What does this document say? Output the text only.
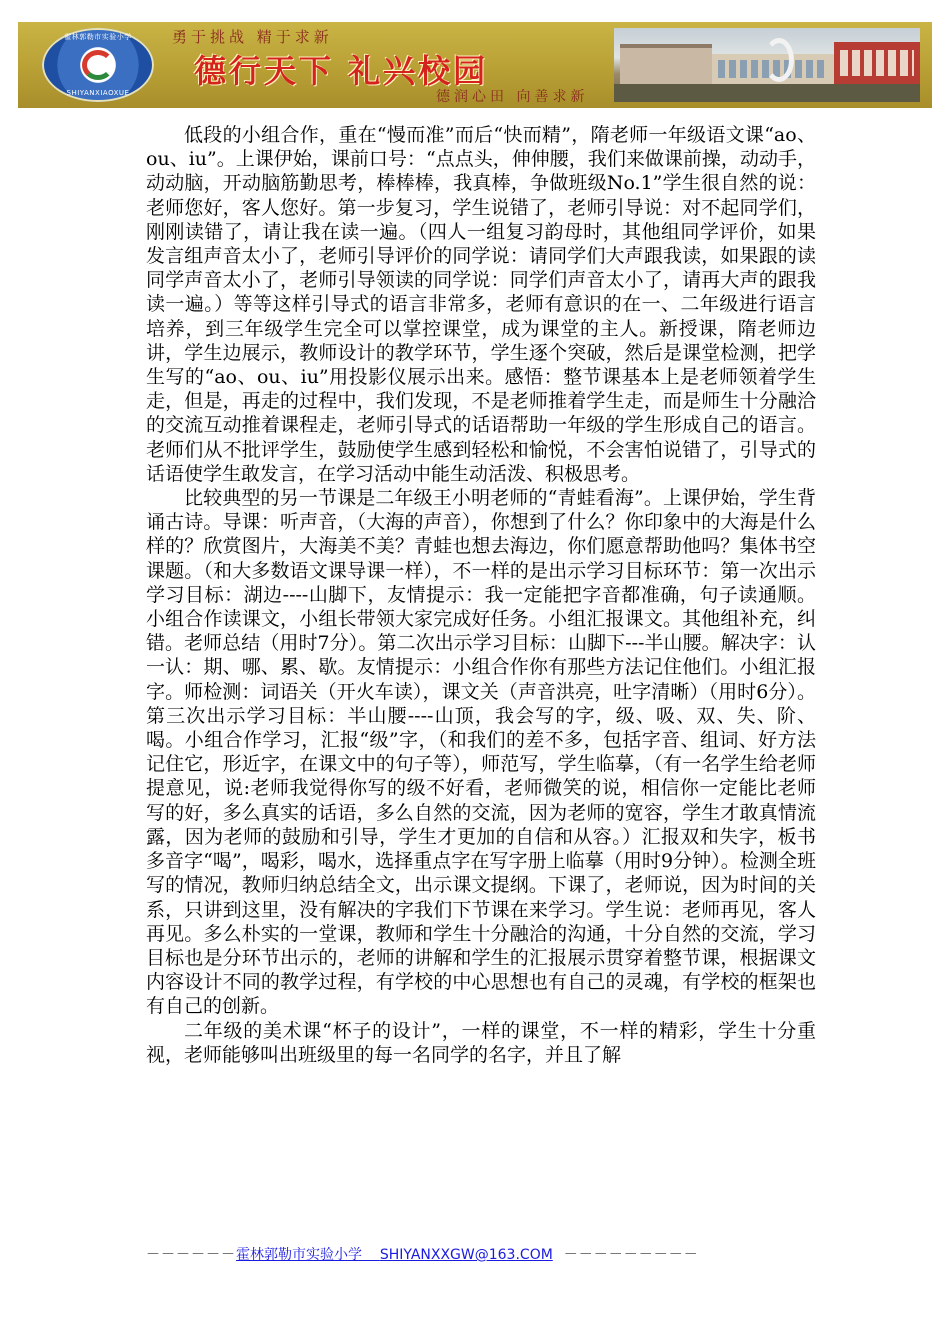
霍林郭勒市实验小学
SHIYANXIAOXUE
勇于挑战 精于求新
德行天下 礼兴校园
德润心田 向善求新

低段的小组合作，重在“慢而准”而后“快而精”，隋老师一年级语文课“ao、ou、iu”。上课伊始，课前口号：“点点头，伸伸腰，我们来做课前操，动动手，动动脑，开动脑筋勤思考，棒棒棒，我真棒，争做班级No.1”学生很自然的说：老师您好，客人您好。第一步复习，学生说错了，老师引导说：对不起同学们，刚刚读错了，请让我在读一遍。（四人一组复习韵母时，其他组同学评价，如果发言组声音太小了，老师引导评价的同学说：请同学们大声跟我读，如果跟的读同学声音太小了，老师引导领读的同学说：同学们声音太小了，请再大声的跟我读一遍。）等等这样引导式的语言非常多，老师有意识的在一、二年级进行语言培养，到三年级学生完全可以掌控课堂，成为课堂的主人。新授课，隋老师边讲，学生边展示，教师设计的教学环节，学生逐个突破，然后是课堂检测，把学生写的“ao、ou、iu”用投影仪展示出来。感悟：整节课基本上是老师领着学生走，但是，再走的过程中，我们发现，不是老师推着学生走，而是师生十分融洽的交流互动推着课程走，老师引导式的话语帮助一年级的学生形成自己的语言。老师们从不批评学生，鼓励使学生感到轻松和愉悦，不会害怕说错了，引导式的话语使学生敢发言，在学习活动中能生动活泼、积极思考。

比较典型的另一节课是二年级王小明老师的“青蛙看海”。上课伊始，学生背诵古诗。导课：听声音，（大海的声音），你想到了什么？你印象中的大海是什么样的？欣赏图片，大海美不美？青蛙也想去海边，你们愿意帮助他吗？集体书空课题。（和大多数语文课导课一样），不一样的是出示学习目标环节：第一次出示学习目标：湖边----山脚下，友情提示：我一定能把字音都准确，句子读通顺。小组合作读课文，小组长带领大家完成好任务。小组汇报课文。其他组补充，纠错。老师总结（用时7分）。第二次出示学习目标：山脚下---半山腰。解决字：认一认：期、哪、累、歇。友情提示：小组合作你有那些方法记住他们。小组汇报字。师检测：词语关（开火车读），课文关（声音洪亮，吐字清晰）（用时6分）。第三次出示学习目标：半山腰----山顶，我会写的字，级、吸、双、失、阶、喝。小组合作学习，汇报“级”字，（和我们的差不多，包括字音、组词、好方法记住它，形近字，在课文中的句子等），师范写，学生临摹，（有一名学生给老师提意见，说:老师我觉得你写的级不好看，老师微笑的说，相信你一定能比老师写的好，多么真实的话语，多么自然的交流，因为老师的宽容，学生才敢真情流露，因为老师的鼓励和引导，学生才更加的自信和从容。）汇报双和失字，板书多音字“喝”，喝彩，喝水，选择重点字在写字册上临摹（用时9分钟）。检测全班写的情况，教师归纳总结全文，出示课文提纲。下课了，老师说，因为时间的关系，只讲到这里，没有解决的字我们下节课在来学习。学生说：老师再见，客人再见。多么朴实的一堂课，教师和学生十分融洽的沟通，十分自然的交流，学习目标也是分环节出示的，老师的讲解和学生的汇报展示贯穿着整节课，根据课文内容设计不同的教学过程，有学校的中心思想也有自己的灵魂，有学校的框架也有自己的创新。

二年级的美术课“杯子的设计”，一样的课堂，不一样的精彩，学生十分重视，老师能够叫出班级里的每一名同学的名字，并且了解

－－－－－－霍林郭勒市实验小学 SHIYANXXGW@163.COM －－－－－－－－－
